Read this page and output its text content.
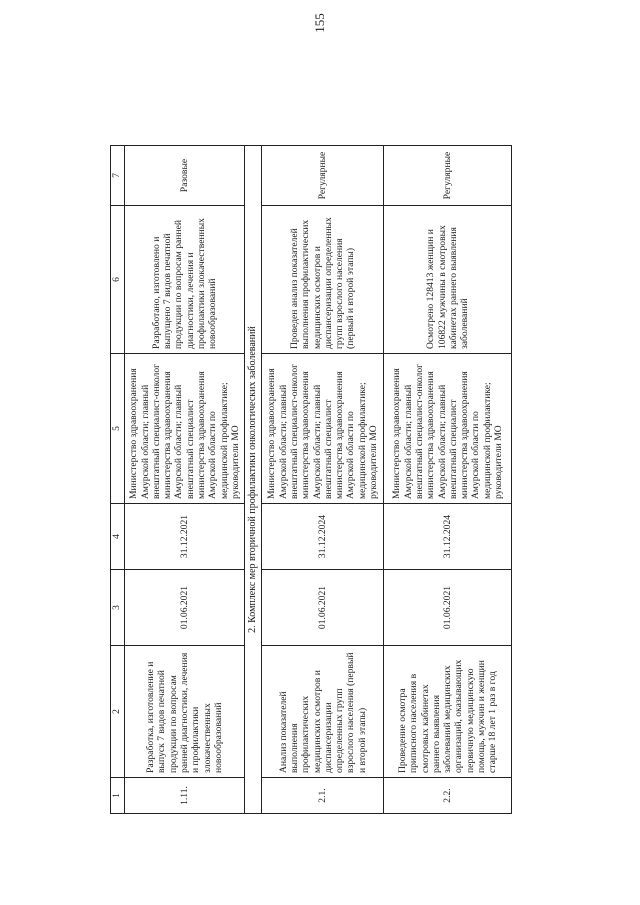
155
1	2	3	4	5	6	7
1.11.	Разработка, изготовление и выпуск 7 видов печатной продукции по вопросам ранней диагностики, лечения и профилактики злокачественных новообразований	01.06.2021	31.12.2021	Министерство здравоохранения Амурской области; главный внештатный специалист-онколог министерства здравоохранения Амурской области; главный внештатный специалист министерства здравоохранения Амурской области по медицинской профилактике; руководители МО	Разработано, изготовлено и выпущено 7 видов печатной продукции по вопросам ранней диагностики, лечения и профилактики злокачественных новообразований	Разовые
2. Комплекс мер вторичной профилактики онкологических заболеваний						
2.1.	Анализ показателей выполнения профилактических медицинских осмотров и диспансеризации определенных групп взрослого населения (первый и второй этапы)	01.06.2021	31.12.2024	Министерство здравоохранения Амурской области; главный внештатный специалист-онколог министерства здравоохранения Амурской области; главный внештатный специалист министерства здравоохранения Амурской области по медицинской профилактике; руководители МО	Проведен анализ показателей выполнения профилактических медицинских осмотров и диспансеризации определенных групп взрослого населения (первый и второй этапы)	Регулярные
2.2.	Проведение осмотра приписного населения в смотровых кабинетах раннего выявления заболеваний медицинских организаций, оказывающих первичную медицинскую помощь, мужчин и женщин старше 18 лет 1 раз в год	01.06.2021	31.12.2024	Министерство здравоохранения Амурской области; главный внештатный специалист-онколог министерства здравоохранения Амурской области; главный внештатный специалист министерства здравоохранения Амурской области по медицинской профилактике; руководители МО	Осмотрено 128413 женщин и 106822 мужчины в смотровых кабинетах раннего выявления заболеваний	Регулярные
